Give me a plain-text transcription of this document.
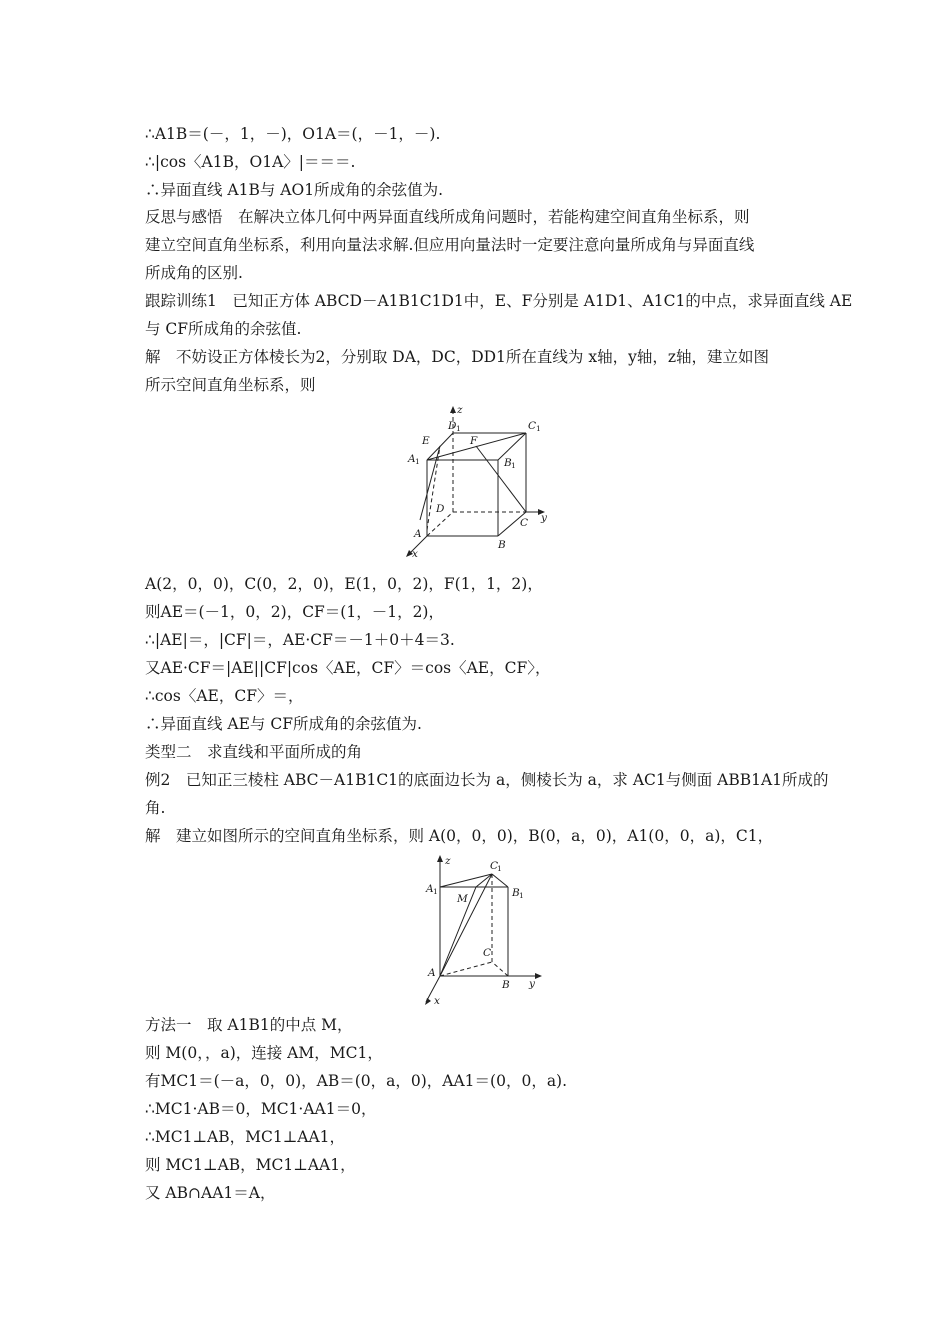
∴A1B＝(－，1，－)，O1A＝(，－1，－).
∴|cos〈A1B，O1A〉|＝＝＝.
∴异面直线 A1B与 AO1所成角的余弦值为.
反思与感悟　在解决立体几何中两异面直线所成角问题时，若能构建空间直角坐标系，则
建立空间直角坐标系，利用向量法求解.但应用向量法时一定要注意向量所成角与异面直线
所成角的区别.
跟踪训练1　已知正方体 ABCD－A1B1C1D1中，E、F分别是 A1D1、A1C1的中点，求异面直线 AE
与 CF所成角的余弦值.
解　不妨设正方体棱长为2，分别取 DA，DC，DD1所在直线为 x轴，y轴，z轴，建立如图
所示空间直角坐标系，则
z
D 1	C 1
E	F
A 1	B 1
D
C y
A
B
x
A(2，0，0)，C(0，2，0)，E(1，0，2)，F(1，1，2)，
则AE＝(－1，0，2)，CF＝(1，－1，2)，
∴|AE|＝，|CF|＝，AE·CF＝－1＋0＋4＝3.
又AE·CF＝|AE||CF|cos〈AE，CF〉＝cos〈AE，CF〉，
∴cos〈AE，CF〉＝，
∴异面直线 AE与 CF所成角的余弦值为.
类型二　求直线和平面所成的角
例2　已知正三棱柱 ABC－A1B1C1的底面边长为 a，侧棱长为 a，求 AC1与侧面 ABB1A1所成的
角.
解　建立如图所示的空间直角坐标系，则 A(0，0，0)，B(0，a，0)，A1(0，0，a)，C1，
z	C
1
A 1
M	B 1
C
A
B y
x
方法一　取 A1B1的中点 M，
则 M(0，，a)，连接 AM，MC1，
有MC1＝(－a，0，0)，AB＝(0，a，0)，AA1＝(0，0，a).
∴MC1·AB＝0，MC1·AA1＝0，
∴MC1⊥AB，MC1⊥AA1，
则 MC1⊥AB，MC1⊥AA1，
又 AB∩AA1＝A，
